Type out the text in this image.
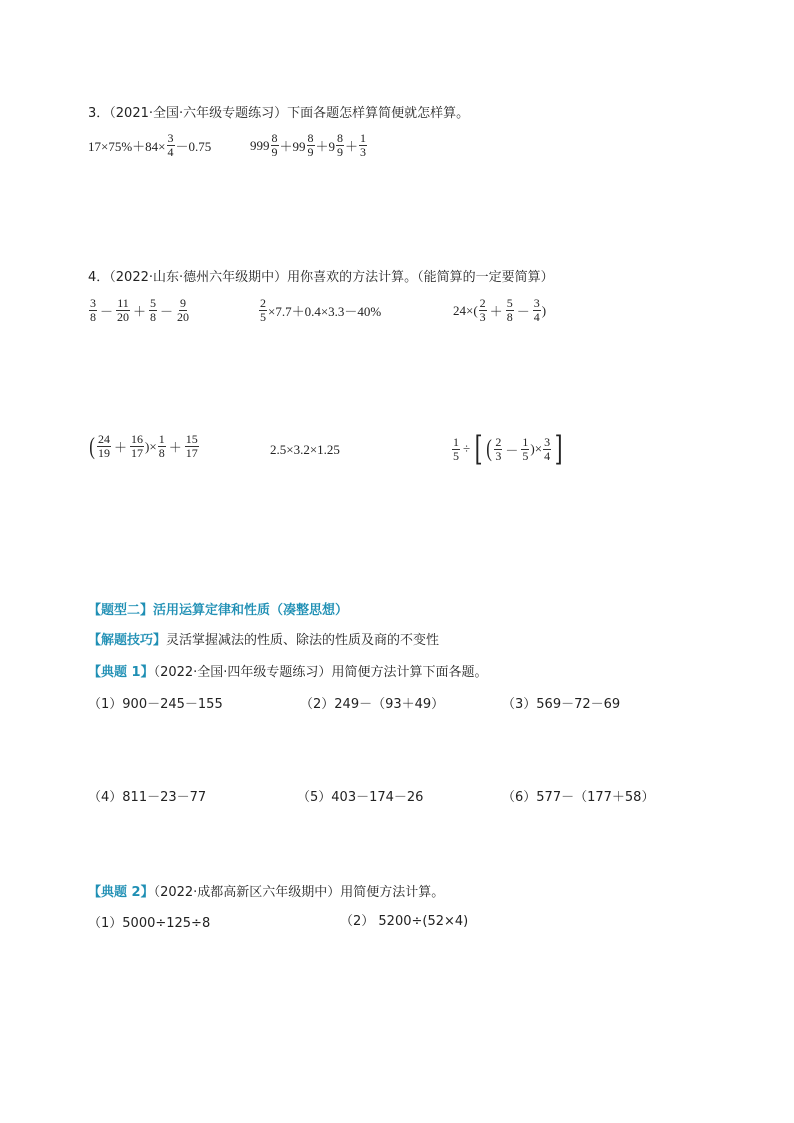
3．（2021·全国·六年级专题练习）下面各题怎样算简便就怎样算。
$17\times 75\%+84\times \frac{3}{4} -0.75$	$999 \frac{8}{9} +99 \frac{8}{9} +9 \frac{8}{9} + \frac{1}{3}$
4．（2022·山东·德州六年级期中）用你喜欢的方法计算。（能简算的一定要简算）
$\frac{3}{8} - \frac{11}{20} + \frac{5}{8} - \frac{9}{20}$	$\frac{2}{5} \times 7.7+0.4\times 3.3-40\%$	$24\times( \frac{2}{3} + \frac{5}{8} - \frac{3}{4}$ )
( $\frac{24}{19} + \frac{16}{17}$ )× $\frac{1}{8} + \frac{15}{17}$	2.5×3.2×1.25	$\frac{1}{5}$ ÷ [ ( $\frac{2}{3} - \frac{1}{5}$ )× $\frac{3}{4}$ ]
【题型二】活用运算定律和性质（凑整思想）
【解题技巧】灵活掌握减法的性质、除法的性质及商的不变性
【典题 1】（2022·全国·四年级专题练习）用简便方法计算下面各题。
（1）900－245－155	（2）249－（93＋49）	（3）569－72－69
（4）811－23－77	（5）403－174－26	（6）577－（177＋58）
【典题 2】（2022·成都高新区六年级期中）用简便方法计算。
（1）5000÷125÷8	（2） 5200÷(52×4)
